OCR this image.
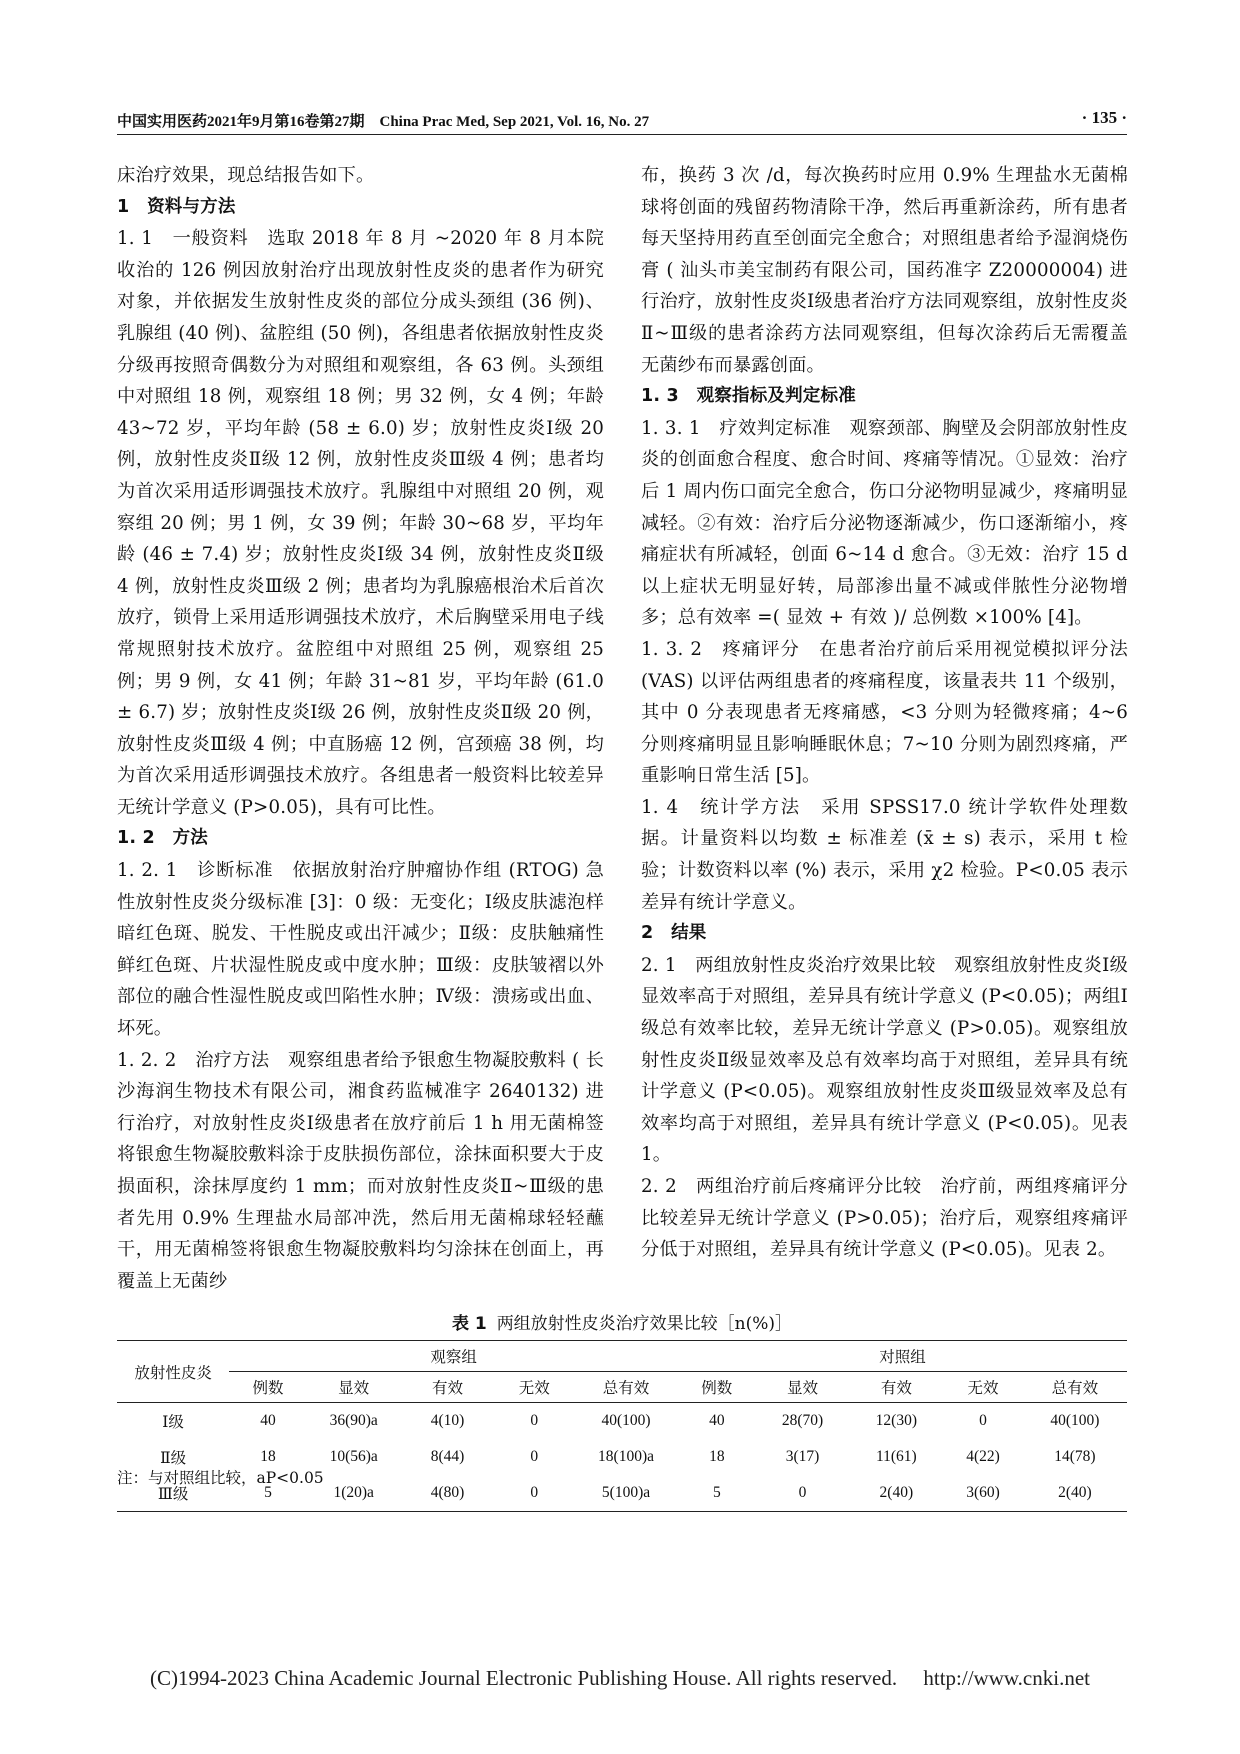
中国实用医药2021年9月第16卷第27期　China Prac Med, Sep 2021, Vol. 16, No. 27	· 135 ·

床治疗效果，现总结报告如下。

1　资料与方法

1. 1　一般资料　选取 2018 年 8 月 ~2020 年 8 月本院收治的 126 例因放射治疗出现放射性皮炎的患者作为研究对象，并依据发生放射性皮炎的部位分成头颈组 (36 例)、乳腺组 (40 例)、盆腔组 (50 例)，各组患者依据放射性皮炎分级再按照奇偶数分为对照组和观察组，各 63 例。头颈组中对照组 18 例，观察组 18 例；男 32 例，女 4 例；年龄 43~72 岁，平均年龄 (58 ± 6.0) 岁；放射性皮炎Ⅰ级 20 例，放射性皮炎Ⅱ级 12 例，放射性皮炎Ⅲ级 4 例；患者均为首次采用适形调强技术放疗。乳腺组中对照组 20 例，观察组 20 例；男 1 例，女 39 例；年龄 30~68 岁，平均年龄 (46 ± 7.4) 岁；放射性皮炎Ⅰ级 34 例，放射性皮炎Ⅱ级 4 例，放射性皮炎Ⅲ级 2 例；患者均为乳腺癌根治术后首次放疗，锁骨上采用适形调强技术放疗，术后胸壁采用电子线常规照射技术放疗。盆腔组中对照组 25 例，观察组 25 例；男 9 例，女 41 例；年龄 31~81 岁，平均年龄 (61.0 ± 6.7) 岁；放射性皮炎Ⅰ级 26 例，放射性皮炎Ⅱ级 20 例，放射性皮炎Ⅲ级 4 例；中直肠癌 12 例，宫颈癌 38 例，均为首次采用适形调强技术放疗。各组患者一般资料比较差异无统计学意义 (P>0.05)，具有可比性。

1. 2　方法

1. 2. 1　诊断标准　依据放射治疗肿瘤协作组 (RTOG) 急性放射性皮炎分级标准 [3]：0 级：无变化；Ⅰ级皮肤滤泡样暗红色斑、脱发、干性脱皮或出汗减少；Ⅱ级：皮肤触痛性鲜红色斑、片状湿性脱皮或中度水肿；Ⅲ级：皮肤皱褶以外部位的融合性湿性脱皮或凹陷性水肿；Ⅳ级：溃疡或出血、坏死。

1. 2. 2　治疗方法　观察组患者给予银愈生物凝胶敷料 ( 长沙海润生物技术有限公司，湘食药监械准字 2640132) 进行治疗，对放射性皮炎Ⅰ级患者在放疗前后 1 h 用无菌棉签将银愈生物凝胶敷料涂于皮肤损伤部位，涂抹面积要大于皮损面积，涂抹厚度约 1 mm；而对放射性皮炎Ⅱ~Ⅲ级的患者先用 0.9% 生理盐水局部冲洗，然后用无菌棉球轻轻蘸干，用无菌棉签将银愈生物凝胶敷料均匀涂抹在创面上，再覆盖上无菌纱

布，换药 3 次 /d，每次换药时应用 0.9% 生理盐水无菌棉球将创面的残留药物清除干净，然后再重新涂药，所有患者每天坚持用药直至创面完全愈合；对照组患者给予湿润烧伤膏 ( 汕头市美宝制药有限公司，国药准字 Z20000004) 进行治疗，放射性皮炎Ⅰ级患者治疗方法同观察组，放射性皮炎Ⅱ~Ⅲ级的患者涂药方法同观察组，但每次涂药后无需覆盖无菌纱布而暴露创面。

1. 3　观察指标及判定标准

1. 3. 1　疗效判定标准　观察颈部、胸壁及会阴部放射性皮炎的创面愈合程度、愈合时间、疼痛等情况。①显效：治疗后 1 周内伤口面完全愈合，伤口分泌物明显减少，疼痛明显减轻。②有效：治疗后分泌物逐渐减少，伤口逐渐缩小，疼痛症状有所减轻，创面 6~14 d 愈合。③无效：治疗 15 d 以上症状无明显好转，局部渗出量不减或伴脓性分泌物增多；总有效率 =( 显效 + 有效 )/ 总例数 ×100% [4]。

1. 3. 2　疼痛评分　在患者治疗前后采用视觉模拟评分法 (VAS) 以评估两组患者的疼痛程度，该量表共 11 个级别，其中 0 分表现患者无疼痛感，<3 分则为轻微疼痛；4~6 分则疼痛明显且影响睡眠休息；7~10 分则为剧烈疼痛，严重影响日常生活 [5]。

1. 4　统计学方法　采用 SPSS17.0 统计学软件处理数据。计量资料以均数 ± 标准差 (x̄ ± s) 表示，采用 t 检验；计数资料以率 (%) 表示，采用 χ2 检验。P<0.05 表示差异有统计学意义。

2　结果

2. 1　两组放射性皮炎治疗效果比较　观察组放射性皮炎Ⅰ级显效率高于对照组，差异具有统计学意义 (P<0.05)；两组Ⅰ级总有效率比较，差异无统计学意义 (P>0.05)。观察组放射性皮炎Ⅱ级显效率及总有效率均高于对照组，差异具有统计学意义 (P<0.05)。观察组放射性皮炎Ⅲ级显效率及总有效率均高于对照组，差异具有统计学意义 (P<0.05)。见表 1。

2. 2　两组治疗前后疼痛评分比较　治疗前，两组疼痛评分比较差异无统计学意义 (P>0.05)；治疗后，观察组疼痛评分低于对照组，差异具有统计学意义 (P<0.05)。见表 2。

表 1 两组放射性皮炎治疗效果比较［n(%)］
放射性皮炎	观察组					对照组				
	例数	显效	有效	无效	总有效	例数	显效	有效	无效	总有效
Ⅰ级	40	36(90)a	4(10)	0	40(100)	40	28(70)	12(30)	0	40(100)
Ⅱ级	18	10(56)a	8(44)	0	18(100)a	18	3(17)	11(61)	4(22)	14(78)
Ⅲ级	5	1(20)a	4(80)	0	5(100)a	5	0	2(40)	3(60)	2(40)
注：与对照组比较，aP<0.05
(C)1994-2023 China Academic Journal Electronic Publishing House. All rights reserved.　 http://www.cnki.net
